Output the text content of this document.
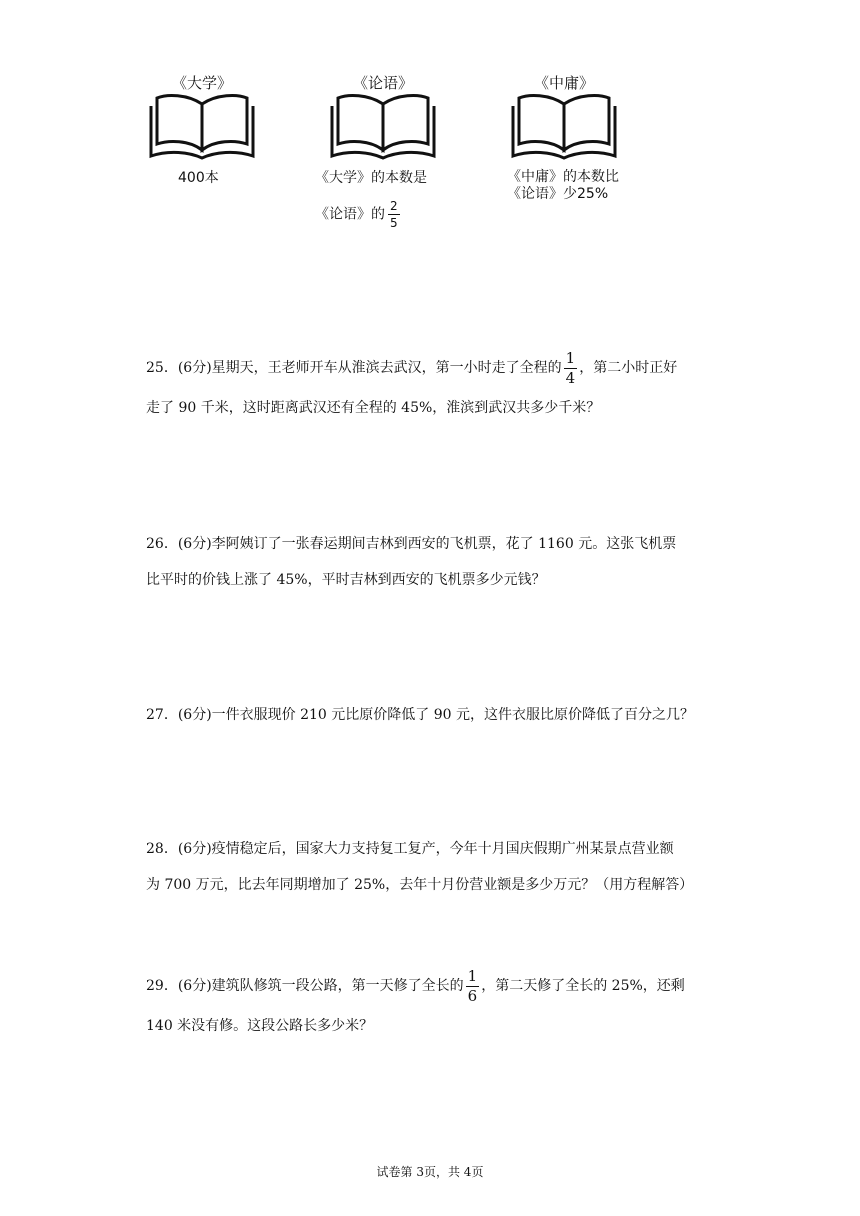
《大学》
400本
《论语》
《大学》的本数是
《论语》的 $\frac{2}{5}$
《中庸》
《中庸》的本数比
《论语》少25%
25．(6分)星期天，王老师开车从淮滨去武汉，第一小时走了全程的 $\frac{1}{4}$ ，第二小时正好
走了 90 千米，这时距离武汉还有全程的 45%，淮滨到武汉共多少千米？
26．(6分)李阿姨订了一张春运期间吉林到西安的飞机票，花了 1160 元。这张飞机票
比平时的价钱上涨了 45%，平时吉林到西安的飞机票多少元钱？
27．(6分)一件衣服现价 210 元比原价降低了 90 元，这件衣服比原价降低了百分之几？
28．(6分)疫情稳定后，国家大力支持复工复产，今年十月国庆假期广州某景点营业额
为 700 万元，比去年同期增加了 25%，去年十月份营业额是多少万元？（用方程解答）
29．(6分)建筑队修筑一段公路，第一天修了全长的 $\frac{1}{6}$ ，第二天修了全长的 25%，还剩
140 米没有修。这段公路长多少米？
试卷第 3页，共 4页
